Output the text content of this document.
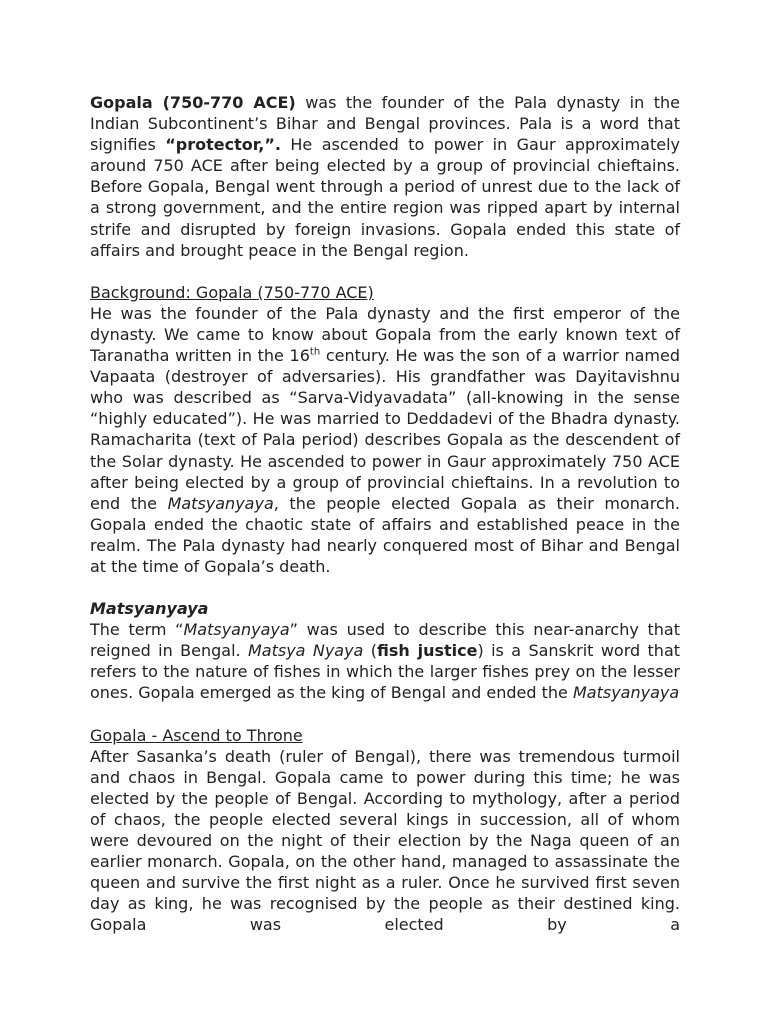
Gopala (750-770 ACE) was the founder of the Pala dynasty in the Indian Subcontinent’s Bihar and Bengal provinces. Pala is a word that signifies “protector,”. He ascended to power in Gaur approximately around 750 ACE after being elected by a group of provincial chieftains. Before Gopala, Bengal went through a period of unrest due to the lack of a strong government, and the entire region was ripped apart by internal strife and disrupted by foreign invasions. Gopala ended this state of affairs and brought peace in the Bengal region.

Background: Gopala (750-770 ACE)

He was the founder of the Pala dynasty and the first emperor of the dynasty. We came to know about Gopala from the early known text of Taranatha written in the 16th century. He was the son of a warrior named Vapaata (destroyer of adversaries). His grandfather was Dayitavishnu who was described as “Sarva-Vidyavadata” (all-knowing in the sense “highly educated”). He was married to Deddadevi of the Bhadra dynasty. Ramacharita (text of Pala period) describes Gopala as the descendent of the Solar dynasty. He ascended to power in Gaur approximately 750 ACE after being elected by a group of provincial chieftains. In a revolution to end the Matsyanyaya, the people elected Gopala as their monarch. Gopala ended the chaotic state of affairs and established peace in the realm. The Pala dynasty had nearly conquered most of Bihar and Bengal at the time of Gopala’s death.

Matsyanyaya

The term “Matsyanyaya” was used to describe this near-anarchy that reigned in Bengal. Matsya Nyaya (fish justice) is a Sanskrit word that refers to the nature of fishes in which the larger fishes prey on the lesser ones. Gopala emerged as the king of Bengal and ended the Matsyanyaya

Gopala - Ascend to Throne

After Sasanka’s death (ruler of Bengal), there was tremendous turmoil and chaos in Bengal. Gopala came to power during this time; he was elected by the people of Bengal. According to mythology, after a period of chaos, the people elected several kings in succession, all of whom were devoured on the night of their election by the Naga queen of an earlier monarch. Gopala, on the other hand, managed to assassinate the queen and survive the first night as a ruler. Once he survived first seven day as king, he was recognised by the people as their destined king. Gopala was elected by a
